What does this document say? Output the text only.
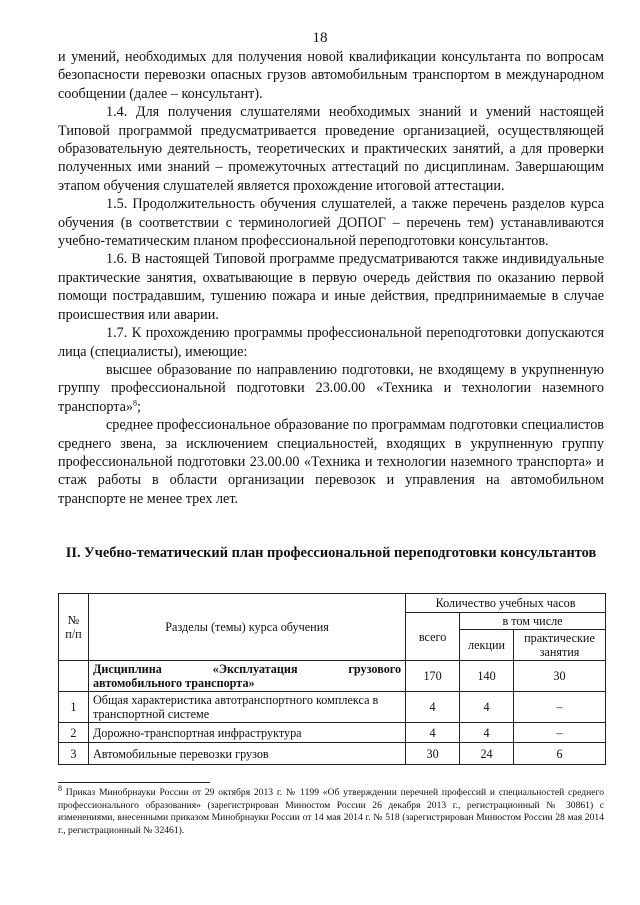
18

и умений, необходимых для получения новой квалификации консультанта по вопросам безопасности перевозки опасных грузов автомобильным транспортом в международном сообщении (далее – консультант).

1.4. Для получения слушателями необходимых знаний и умений настоящей Типовой программой предусматривается проведение организацией, осуществляющей образовательную деятельность, теоретических и практических занятий, а для проверки полученных ими знаний – промежуточных аттестаций по дисциплинам. Завершающим этапом обучения слушателей является прохождение итоговой аттестации.

1.5. Продолжительность обучения слушателей, а также перечень разделов курса обучения (в соответствии с терминологией ДОПОГ – перечень тем) устанавливаются учебно-тематическим планом профессиональной переподготовки консультантов.

1.6. В настоящей Типовой программе предусматриваются также индивидуальные практические занятия, охватывающие в первую очередь действия по оказанию первой помощи пострадавшим, тушению пожара и иные действия, предпринимаемые в случае происшествия или аварии.

1.7. К прохождению программы профессиональной переподготовки допускаются лица (специалисты), имеющие:

высшее образование по направлению подготовки, не входящему в укрупненную группу профессиональной подготовки 23.00.00 «Техника и технологии наземного транспорта»$^8$;

среднее профессиональное образование по программам подготовки специалистов среднего звена, за исключением специальностей, входящих в укрупненную группу профессиональной подготовки 23.00.00 «Техника и технологии наземного транспорта» и стаж работы в области организации перевозок и управления на автомобильном транспорте не менее трех лет.

II. Учебно-тематический план профессиональной переподготовки консультантов
№ п/п	Разделы (темы) курса обучения	Количество учебных часов		
		всего	в том числе	
			лекции	практические занятия

	Дисциплина «Эксплуатация грузового
автомобильного транспорта»	170	140	30
1	Общая характеристика автотранспортного комплекса в транспортной системе	4	4	–
2	Дорожно-транспортная инфраструктура	4	4	–
3	Автомобильные перевозки грузов	30	24	6
$^8$ Приказ Минобрнауки России от 29 октября 2013 г. № 1199 «Об утверждении перечней профессий и специальностей среднего профессионального образования» (зарегистрирован Минюстом России 26 декабря 2013 г., регистрационный № 30861) с изменениями, внесенными приказом Минобрнауки России от 14 мая 2014 г. № 518 (зарегистрирован Минюстом России 28 мая 2014 г., регистрационный № 32461).
